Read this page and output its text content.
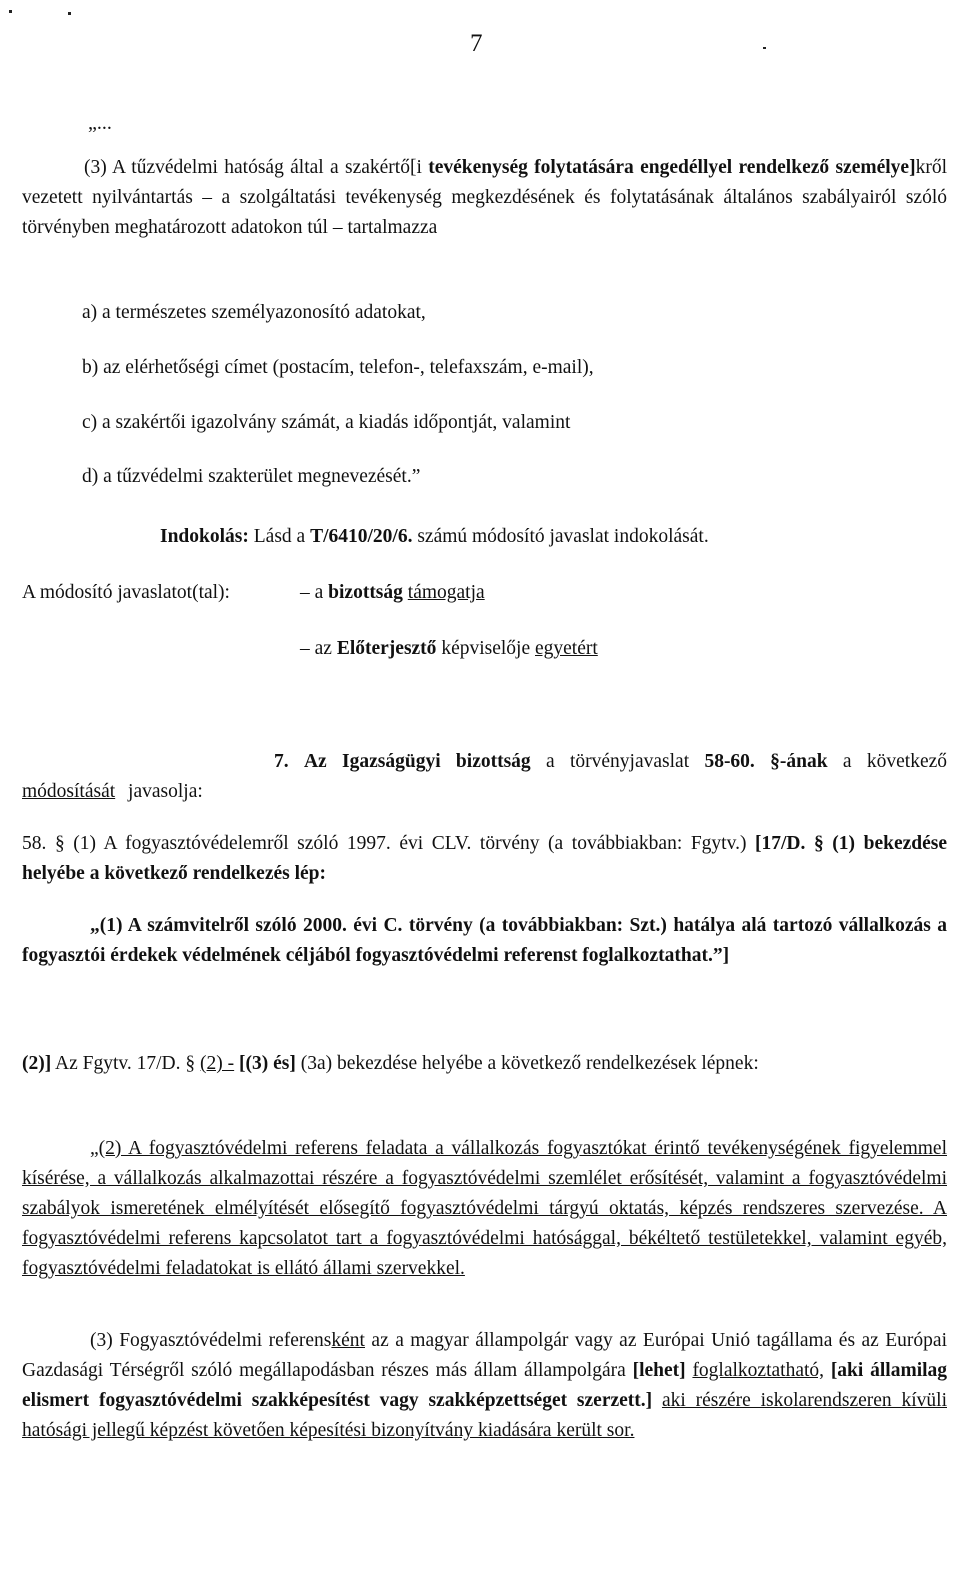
7

„...

(3) A tűzvédelmi hatóság által a szakértő[i tevékenység folytatására engedéllyel rendelkező személye]kről vezetett nyilvántartás – a szolgáltatási tevékenység megkezdésének és folytatásának általános szabályairól szóló törvényben meghatározott adatokon túl – tartalmazza

a) a természetes személyazonosító adatokat,

b) az elérhetőségi címet (postacím, telefon-, telefaxszám, e-mail),

c) a szakértői igazolvány számát, a kiadás időpontját, valamint

d) a tűzvédelmi szakterület megnevezését.”

Indokolás: Lásd a T/6410/20/6. számú módosító javaslat indokolását.

A módosító javaslatot(tal):	– a bizottság támogatja

– az Előterjesztő képviselője egyetért

7. Az Igazságügyi bizottság a törvényjavaslat 58-60. §-ának a következő módosítását javasolja:

58. § (1) A fogyasztóvédelemről szóló 1997. évi CLV. törvény (a továbbiakban: Fgytv.) [17/D. § (1) bekezdése helyébe a következő rendelkezés lép:

„(1) A számvitelről szóló 2000. évi C. törvény (a továbbiakban: Szt.) hatálya alá tartozó vállalkozás a fogyasztói érdekek védelmének céljából fogyasztóvédelmi referenst foglalkoztathat.”]

(2)] Az Fgytv. 17/D. § (2) - [(3) és] (3a) bekezdése helyébe a következő rendelkezések lépnek:

„(2) A fogyasztóvédelmi referens feladata a vállalkozás fogyasztókat érintő tevékenységének figyelemmel kísérése, a vállalkozás alkalmazottai részére a fogyasztóvédelmi szemlélet erősítését, valamint a fogyasztóvédelmi szabályok ismeretének elmélyítését elősegítő fogyasztóvédelmi tárgyú oktatás, képzés rendszeres szervezése. A fogyasztóvédelmi referens kapcsolatot tart a fogyasztóvédelmi hatósággal, békéltető testületekkel, valamint egyéb, fogyasztóvédelmi feladatokat is ellátó állami szervekkel.

(3) Fogyasztóvédelmi referensként az a magyar állampolgár vagy az Európai Unió tagállama és az Európai Gazdasági Térségről szóló megállapodásban részes más állam állampolgára [lehet] foglalkoztatható, [aki államilag elismert fogyasztóvédelmi szakképesítést vagy szakképzettséget szerzett.] aki részére iskolarendszeren kívüli hatósági jellegű képzést követően képesítési bizonyítvány kiadására került sor.
